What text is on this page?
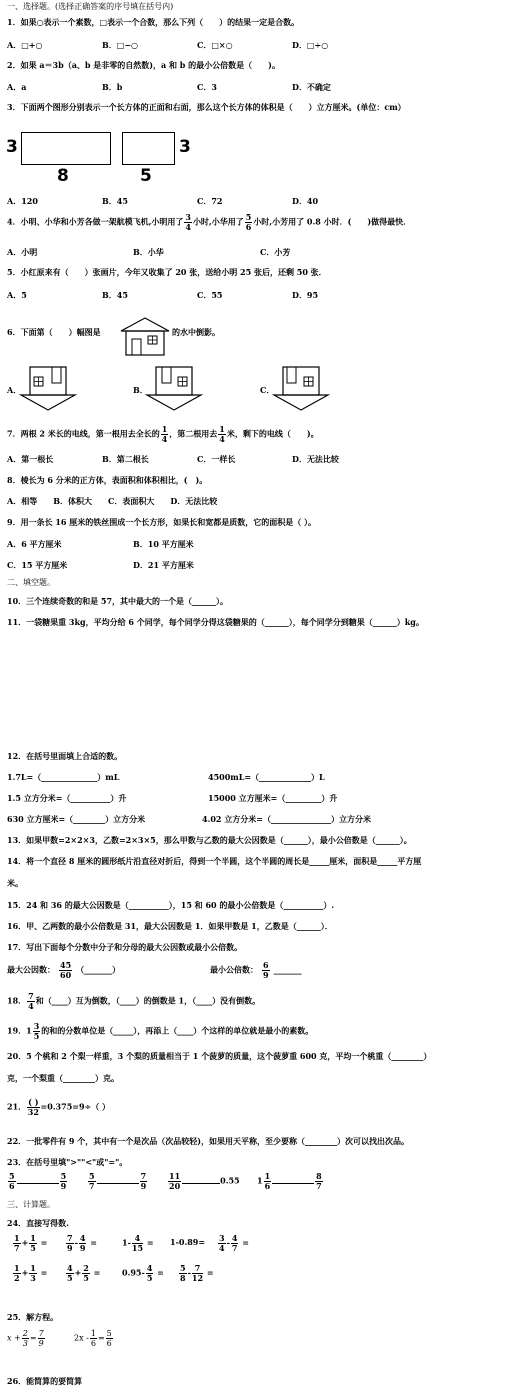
一、选择题。(选择正确答案的序号填在括号内)
1．如果○表示一个素数，□表示一个合数，那么下列（　　）的结果一定是合数。
A．□+○	B．□−○	C．□×○	D．□÷○
2．如果 a＝3b（a、b 是非零的自然数)，a 和 b 的最小公倍数是（　　)。
A．a	B．b	C．3	D．不确定
3．下面两个图形分别表示一个长方体的正面和右面，那么这个长方体的体积是（　　）立方厘米。(单位：cm）
3
8
3
5
A．120	B．45	C．72	D．40
4．小明、小华和小芳各做一架航模飞机,小明用了 $\frac{3}{4}$ 小时,小华用了 $\frac{5}{6}$ 小时,小芳用了 0.8 小时．(　　)做得最快．
A．小明	B．小华	C．小芳
5．小红原来有（　　）张画片，今年又收集了 20 张，送给小明 25 张后，还剩 50 张．
A．5	B．45	C．55	D．95
6．下面第（　　）幅图是	的水中倒影。
A．	B．	C．
7．两根 2 米长的电线，第一根用去全长的 $\frac{1}{4}$ ，第二根用去 $\frac{1}{4}$ 米，剩下的电线（　　)。
A．第一根长	B．第二根长	C．一样长	D．无法比较
8．棱长为 6 分米的正方体，表面积和体积相比，(　)。
A．相等　　B．体积大　　C．表面积大　　D．无法比较
9．用一条长 16 厘米的铁丝围成一个长方形，如果长和宽都是质数，它的面积是（ ）。
A．6 平方厘米	B．10 平方厘米
C．15 平方厘米	D．21 平方厘米
二、填空题。
10．三个连续奇数的和是 57，其中最大的一个是（______）。
11．一袋糖果重 3kg，平均分给 6 个同学，每个同学分得这袋糖果的（______），每个同学分到糖果（______）kg。
12．在括号里面填上合适的数。
1.7L=（______________）mL	4500mL=（_____________）L
1.5 立方分米=（__________）升	15000 立方厘米=（_________）升
630 立方厘米=（________）立方分米	4.02 立方分米=（_______________）立方分米
13．如果甲数=2×2×3，乙数=2×3×5，那么甲数与乙数的最大公因数是（______），最小公倍数是（______）。
14．将一个直径 8 厘米的圆形纸片沿直径对折后，得到一个半圆，这个半圆的周长是_____厘米，面积是_____平方厘
米。
15．24 和 36 的最大公因数是（__________），15 和 60 的最小公倍数是（__________）.
16．甲、乙两数的最小公倍数是 31，最大公因数是 1．如果甲数是 1，乙数是（______）．
17．写出下面每个分数中分子和分母的最大公因数或最小公倍数。
最大公因数： $\frac{45}{60}$ （_______）	最小公倍数： $\frac{6}{9}$ _______
18． $\frac{7}{4}$ 和（____）互为倒数，（____）的倒数是 1，（____）没有倒数。
19．$1 \frac{3}{5}$ 的和的分数单位是（_____），再添上（____）个这样的单位就是最小的素数。
20．5 个桃和 2 个梨一样重，3 个梨的质量相当于 1 个菠萝的质量，这个菠萝重 600 克，平均一个桃重（________）
克，一个梨重（________）克。
21． $\frac{( )}{32} =0.375=9\div$（ ）
22．一批零件有 9 个，其中有一个是次品（次品较轻)，如果用天平称，至少要称（________）次可以找出次品。
23．在括号里填">""<"或"="。
$\frac{5}{6}$	$\frac{5}{9}$	$\frac{5}{7}$	$\frac{7}{9}$	$\frac{11}{20}$	0.55 $1 \frac{1}{6}$	$\frac{8}{7}$
三、计算题。
24．直接写得数.
$\frac{1}{7} + \frac{1}{5} = \frac{7}{9} - \frac{4}{9}$ =	$1- \frac{4}{15} = 1-0.89= \frac{3}{4} - \frac{4}{7}$ =
$\frac{1}{2} + \frac{1}{3} = \frac{4}{5} + \frac{2}{5}$ =	$0.95- \frac{4}{5} = \frac{5}{8} - \frac{7}{12}$ =
25．解方程。
$x + \frac{2}{3} = \frac{7}{9}$	$2x - \frac{1}{6} = \frac{5}{6}$
26．能简算的要简算
